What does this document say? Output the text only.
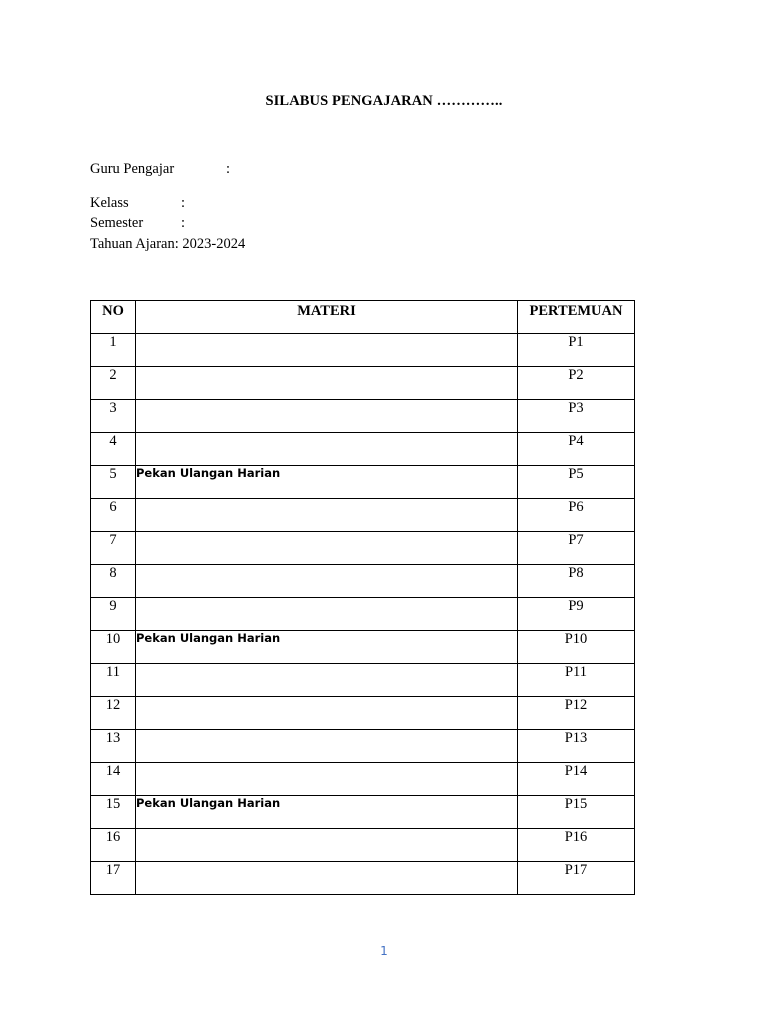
SILABUS PENGAJARAN …………..
Guru Pengajar	:
Kelass	:
Semester	:
Tahuan Ajaran: 2023-2024
NO	MATERI	PERTEMUAN
1		P1
2		P2
3		P3
4		P4
5	Pekan Ulangan Harian	P5
6		P6
7		P7
8		P8
9		P9
10	Pekan Ulangan Harian	P10
11		P11
12		P12
13		P13
14		P14
15	Pekan Ulangan Harian	P15
16		P16
17		P17
1
